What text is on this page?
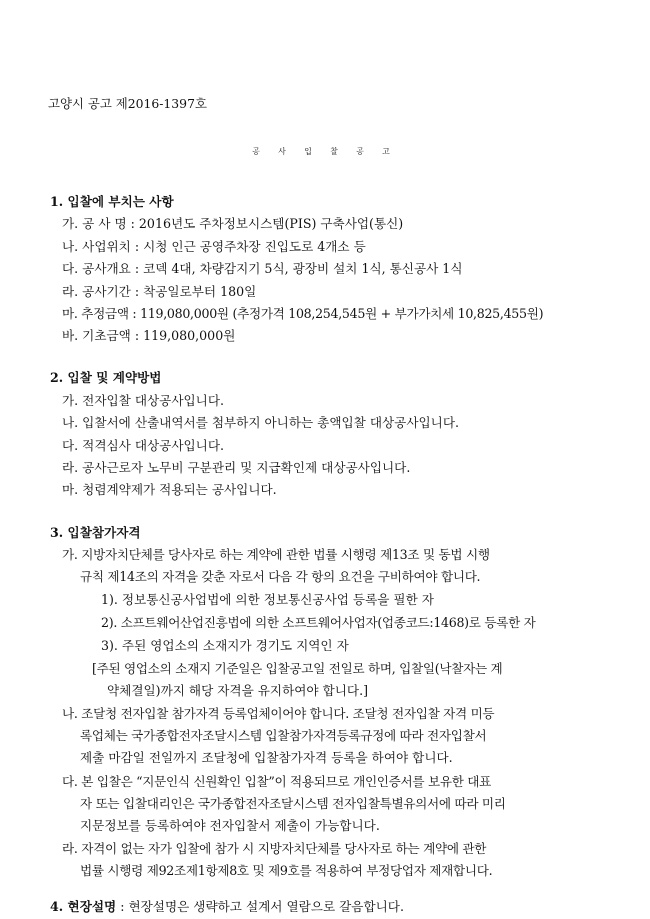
고양시 공고 제2016-1397호
공 사 입 찰 공 고
1. 입찰에 부치는 사항
가. 공 사 명 : 2016년도 주차정보시스템(PIS) 구축사업(통신)
나. 사업위치 : 시청 인근 공영주차장 진입도로 4개소 등
다. 공사개요 : 코덱 4대, 차량감지기 5식, 광장비 설치 1식, 통신공사 1식
라. 공사기간 : 착공일로부터 180일
마. 추정금액 : 119,080,000원 (추정가격 108,254,545원 + 부가가치세 10,825,455원)
바. 기초금액 : 119,080,000원
2. 입찰 및 계약방법
가. 전자입찰 대상공사입니다.
나. 입찰서에 산출내역서를 첨부하지 아니하는 총액입찰 대상공사입니다.
다. 적격심사 대상공사입니다.
라. 공사근로자 노무비 구분관리 및 지급확인제 대상공사입니다.
마. 청렴계약제가 적용되는 공사입니다.
3. 입찰참가자격
가. 지방자치단체를 당사자로 하는 계약에 관한 법률 시행령 제13조 및 동법 시행
규칙 제14조의 자격을 갖춘 자로서 다음 각 항의 요건을 구비하여야 합니다.
1). 정보통신공사업법에 의한 정보통신공사업 등록을 필한 자
2). 소프트웨어산업진흥법에 의한 소프트웨어사업자(업종코드:1468)로 등록한 자
3). 주된 영업소의 소재지가 경기도 지역인 자
[주된 영업소의 소재지 기준일은 입찰공고일 전일로 하며, 입찰일(낙찰자는 계
약체결일)까지 해당 자격을 유지하여야 합니다.]
나. 조달청 전자입찰 참가자격 등록업체이어야 합니다. 조달청 전자입찰 자격 미등
록업체는 국가종합전자조달시스템 입찰참가자격등록규정에 따라 전자입찰서
제출 마감일 전일까지 조달청에 입찰참가자격 등록을 하여야 합니다.
다. 본 입찰은 “지문인식 신원확인 입찰”이 적용되므로 개인인증서를 보유한 대표
자 또는 입찰대리인은 국가종합전자조달시스템 전자입찰특별유의서에 따라 미리
지문정보를 등록하여야 전자입찰서 제출이 가능합니다.
라. 자격이 없는 자가 입찰에 참가 시 지방자치단체를 당사자로 하는 계약에 관한
법률 시행령 제92조제1항제8호 및 제9호를 적용하여 부정당업자 제재합니다.
4. 현장설명 : 현장설명은 생략하고 설계서 열람으로 갈음합니다.
